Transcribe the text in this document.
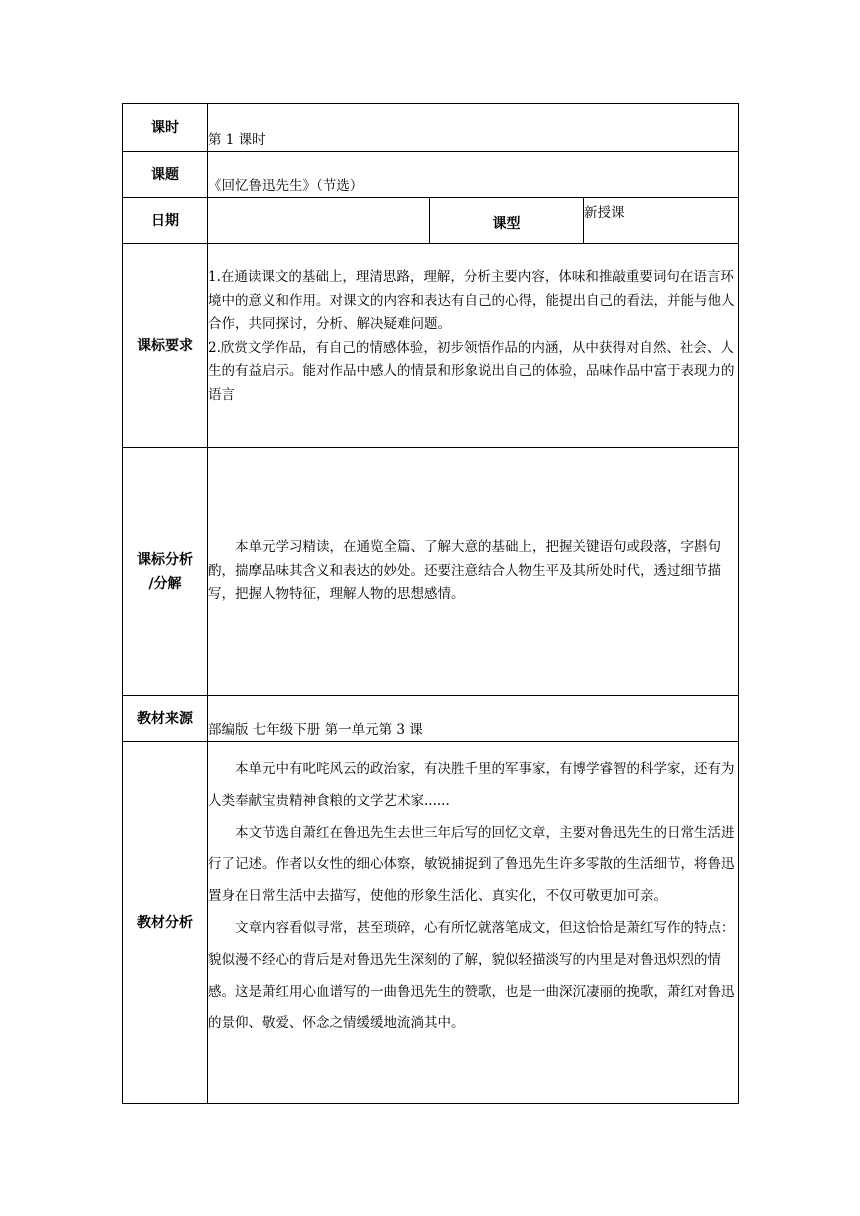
课时	第 1 课时		
课题	《回忆鲁迅先生》（节选）		
日期		课型	新授课
课标要求	1.在通读课文的基础上，理清思路，理解，分析主要内容，体味和推敲重要词句在语言环境中的意义和作用。对课文的内容和表达有自己的心得，能提出自己的看法，并能与他人合作，共同探讨，分析、解决疑难问题。

2.欣赏文学作品，有自己的情感体验，初步领悟作品的内涵，从中获得对自然、社会、人生的有益启示。能对作品中感人的情景和形象说出自己的体验，品味作品中富于表现力的语言		

课标分析
/分解	本单元学习精读，在通览全篇、了解大意的基础上，把握关键语句或段落，字斟句酌，揣摩品味其含义和表达的妙处。还要注意结合人物生平及其所处时代，透过细节描写，把握人物特征，理解人物的思想感情。		

教材来源	部编版 七年级下册 第一单元第 3 课		
教材分析	本单元中有叱咤风云的政治家，有决胜千里的军事家，有博学睿智的科学家，还有为人类奉献宝贵精神食粮的文学艺术家......

本文节选自萧红在鲁迅先生去世三年后写的回忆文章，主要对鲁迅先生的日常生活进行了记述。作者以女性的细心体察，敏锐捕捉到了鲁迅先生许多零散的生活细节，将鲁迅置身在日常生活中去描写，使他的形象生活化、真实化，不仅可敬更加可亲。

文章内容看似寻常，甚至琐碎，心有所忆就落笔成文，但这恰恰是萧红写作的特点：貌似漫不经心的背后是对鲁迅先生深刻的了解，貌似轻描淡写的内里是对鲁迅炽烈的情感。这是萧红用心血谱写的一曲鲁迅先生的赞歌，也是一曲深沉凄丽的挽歌，萧红对鲁迅的景仰、敬爱、怀念之情缓缓地流淌其中。		
